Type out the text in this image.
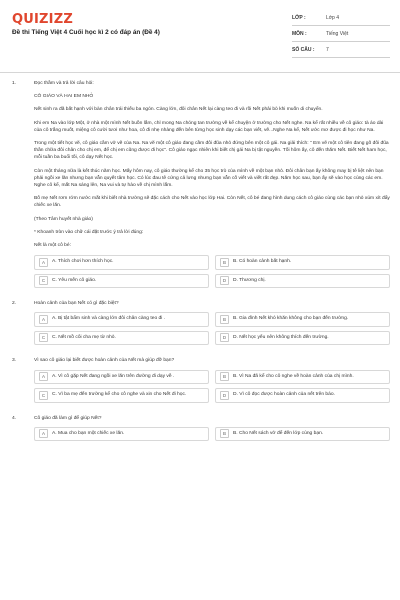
QUIZIZZ
Đề thi Tiếng Việt 4 Cuối học kì 2 có đáp án (Đề 4)
LỚP :	Lớp 4
MÔN :	Tiếng Việt
SỐ CÂU :	7
1.	Đọc thầm và trả lời câu hỏi:
CÔ GIÁO VÀ HAI EM NHỎ
Nết sinh ra đã bất hạnh với bàn chân trái thiếu ba ngón. Càng lớn, đôi chân Nết lại càng teo đi và rồi Nết phải bò khi muốn di chuyển.
Khi em Na vào lớp Một, ở nhà một mình Nết buồn lắm, chỉ mong Na chóng tan trường về kể chuyện ở trường cho Nết nghe. Na kể rất nhiều về cô giáo: tà áo dài của cô trắng muốt, miệng cô cười tươi như hoa, cô đi nhẹ nhàng đến bên từng học sinh dạy các bạn viết, vẽ...Nghe Na kể, Nết ước mơ được đi học như Na.
Trong một tiết học vẽ, cô giáo cầm vở vẽ của Na. Na vẽ một cô giáo đang cầm đôi đũa nhỏ đứng bên một cô gái. Na giải thích: " Em vẽ một cô tiên đang gõ đôi đũa thần chữa đôi chân cho chị em, để chị em cũng được đi học". Cô giáo ngạc nhiên khi biết chị gái Na bị tật nguyền. Tối hôm ấy, cô đến thăm Nết. Biết Nết ham học, mỗi tuần ba buổi tối, cô dạy Nết học.
Còn một tháng nữa là kết thúc năm học. Mấy hôm nay, cô giáo thường kể cho 35 học trò của mình về một bạn nhỏ. Đôi chân bạn ấy không may bị tê liệt nên bạn phải ngồi xe lăn nhưng bạn vẫn quyết tâm học. Có lúc đau tê cứng cả lưng nhưng bạn vẫn cố viết và viết rất đẹp. Năm học sau, bạn ấy sẽ vào học cùng các em. Nghe cô kể, mắt Na sáng lên, Na vui và tự hào về chị mình lắm.
Bố mẹ Nết rơm rớm nước mắt khi biết nhà trường sẽ đặc cách cho Nết vào học lớp Hai. Còn Nết, cô bé đang hình dung cách cô giáo cùng các bạn nhỏ xúm xít đẩy chiếc xe lăn.
(Theo Tâm huyết nhà giáo)
* Khoanh tròn vào chữ cái đặt trước ý trả lời đúng:
Nết là một cô bé:
A	A. Thích chơi hơn thích học.	B	B. Có hoàn cảnh bất hạnh.
C	C. Yêu mến cô giáo.	D	D. Thương chị.
2.	Hoàn cảnh của bạn Nết có gì đặc biệt?
A	A. Bị tật bẩm sinh và càng lớn đôi chân càng teo đi .	B	B. Gia đình Nết khó khăn không cho bạn đến trường.
C	C. Nết mồ côi cha mẹ từ nhỏ.	D	D. Nết học yếu nên không thích đến trường.
3.	Vì sao cô giáo lại biết được hoàn cảnh của Nết mà giúp đỡ bạn?
A	A. Vì cô gặp Nết đang ngồi xe lăn trên đường đi dạy về .	B	B. Vì Na đã kể cho cô nghe về hoàn cảnh của chị mình.
C	C. Vì ba mẹ đến trường kể cho cô nghe và xin cho Nết đi học.	D	D. Vì cô đọc được hoàn cảnh của nết trên báo.
4.	Cô giáo đã làm gì để giúp Nết?
A	A. Mua cho bạn một chiếc xe lăn.	B	B. Cho Nết sách vở để đến lớp cùng bạn.
